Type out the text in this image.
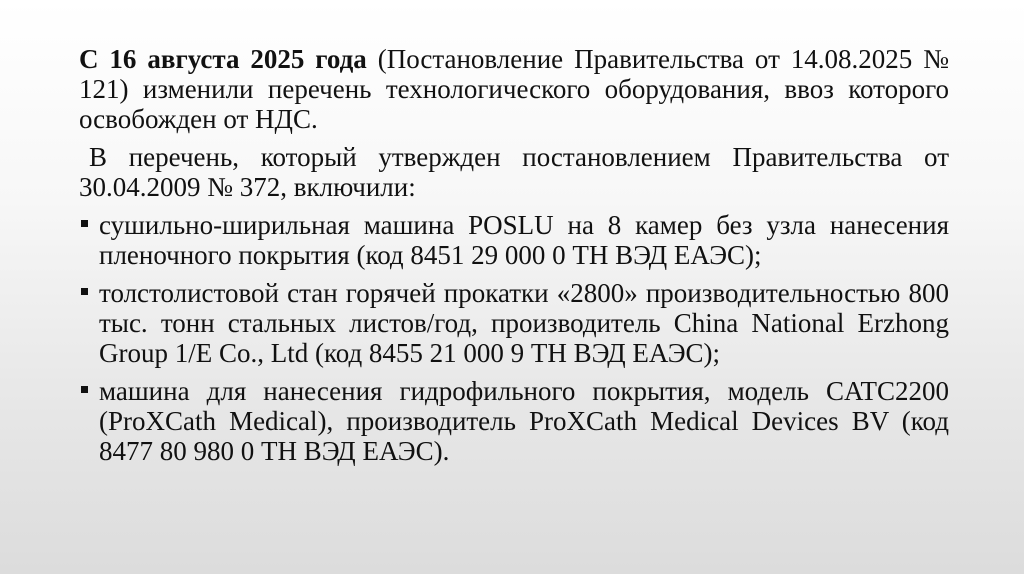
С 16 августа 2025 года (Постановление Правительства от 14.08.2025 № 121) изменили перечень технологического оборудования, ввоз которого освобожден от НДС.

В перечень, который утвержден постановлением Правительства от 30.04.2009 № 372, включили:

сушильно-ширильная машина POSLU на 8 камер без узла нанесения пленочного покрытия (код 8451 29 000 0 ТН ВЭД ЕАЭС);
толстолистовой стан горячей прокатки «2800» производительностью 800 тыс. тонн стальных листов/год, производитель China National Erzhong Group 1/E Co., Ltd (код 8455 21 000 9 ТН ВЭД ЕАЭС);
машина для нанесения гидрофильного покрытия, модель CATC2200 (ProXCath Medical), производитель ProXCath Medical Devices BV (код 8477 80 980 0 ТН ВЭД ЕАЭС).
